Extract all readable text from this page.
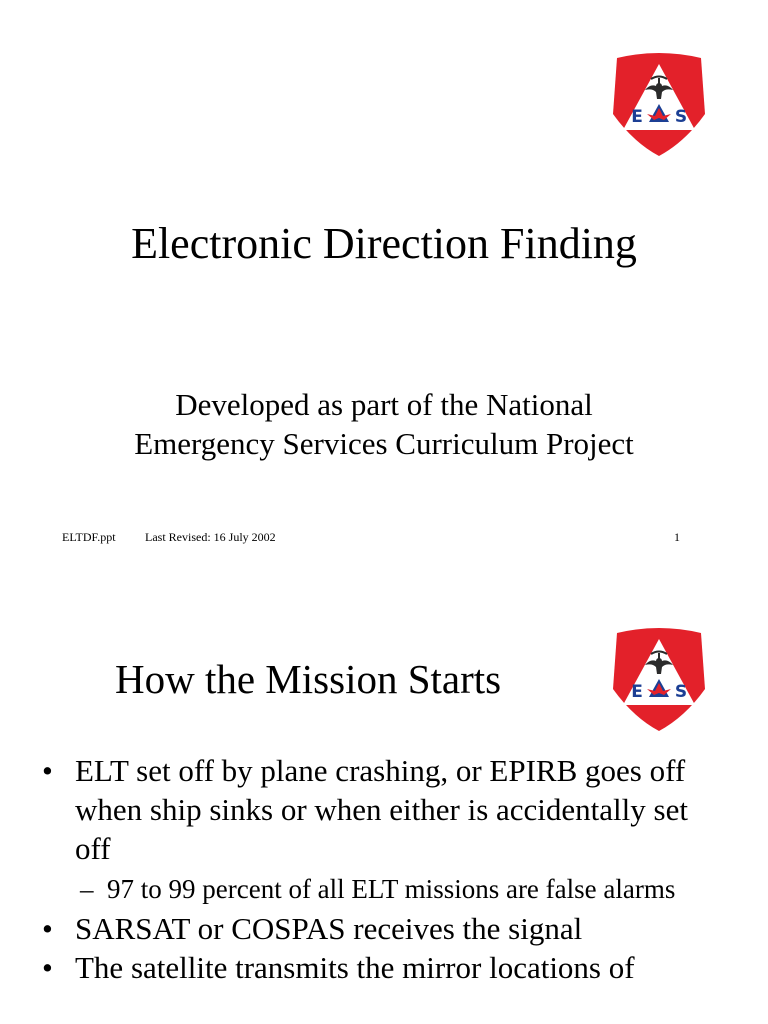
E S
Electronic Direction Finding
Developed as part of the National
Emergency Services Curriculum Project
ELTDF.ppt Last Revised: 16 July 2002	1
How the Mission Starts	E S
• ELT set off by plane crashing, or EPIRB goes off when ship sinks or when either is accidentally set off
– 97 to 99 percent of all ELT missions are false alarms
• SARSAT or COSPAS receives the signal
• The satellite transmits the mirror locations of
